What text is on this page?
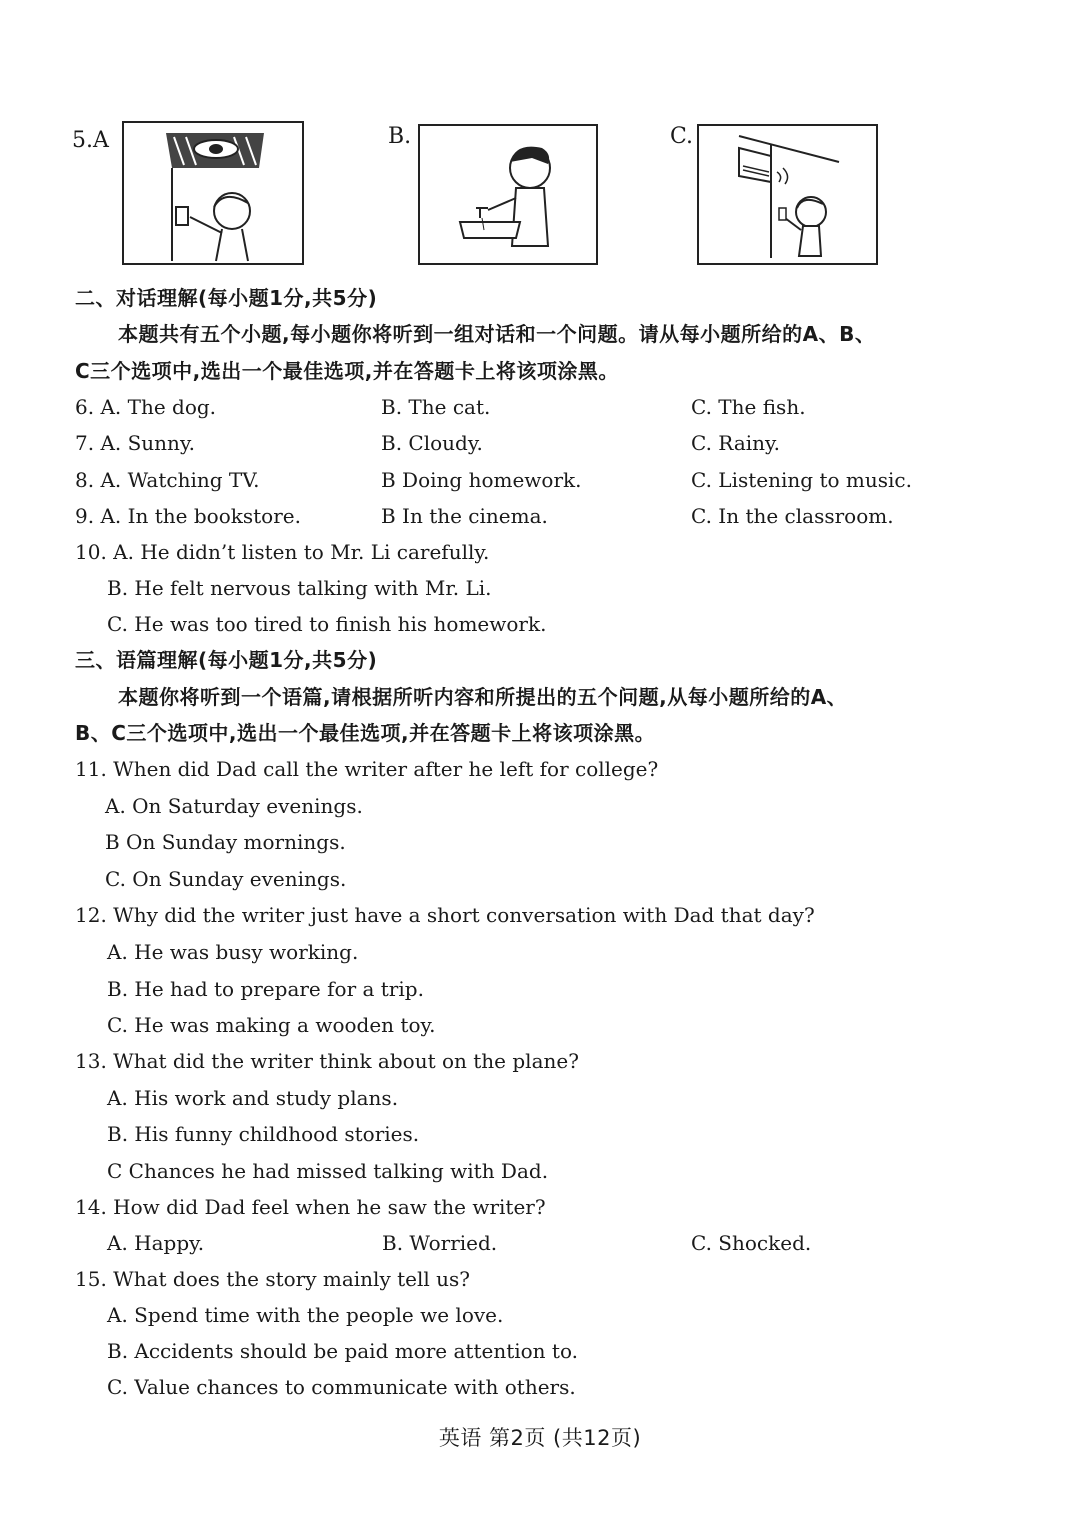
5. A	B.	C.
二、对话理解(每小题1分,共5分)
本题共有五个小题,每小题你将听到一组对话和一个问题。请从每小题所给的A、B、
C三个选项中,选出一个最佳选项,并在答题卡上将该项涂黑。
6. A. The dog.	B. The cat.	C. The fish.
7. A. Sunny.	B. Cloudy.	C. Rainy.
8. A. Watching TV.	B Doing homework.	C. Listening to music.
9. A. In the bookstore.	B In the cinema.	C. In the classroom.
10. A. He didn’t listen to Mr. Li carefully.
B. He felt nervous talking with Mr. Li.
C. He was too tired to finish his homework.
三、语篇理解(每小题1分,共5分)
本题你将听到一个语篇,请根据所听内容和所提出的五个问题,从每小题所给的A、
B、C三个选项中,选出一个最佳选项,并在答题卡上将该项涂黑。
11. When did Dad call the writer after he left for college?
A. On Saturday evenings.
B On Sunday mornings.
C. On Sunday evenings.
12. Why did the writer just have a short conversation with Dad that day?
A. He was busy working.
B. He had to prepare for a trip.
C. He was making a wooden toy.
13. What did the writer think about on the plane?
A. His work and study plans.
B. His funny childhood stories.
C Chances he had missed talking with Dad.
14. How did Dad feel when he saw the writer?
A. Happy.	B. Worried.	C. Shocked.
15. What does the story mainly tell us?
A. Spend time with the people we love.
B. Accidents should be paid more attention to.
C. Value chances to communicate with others.
英语 第2页 (共12页)
